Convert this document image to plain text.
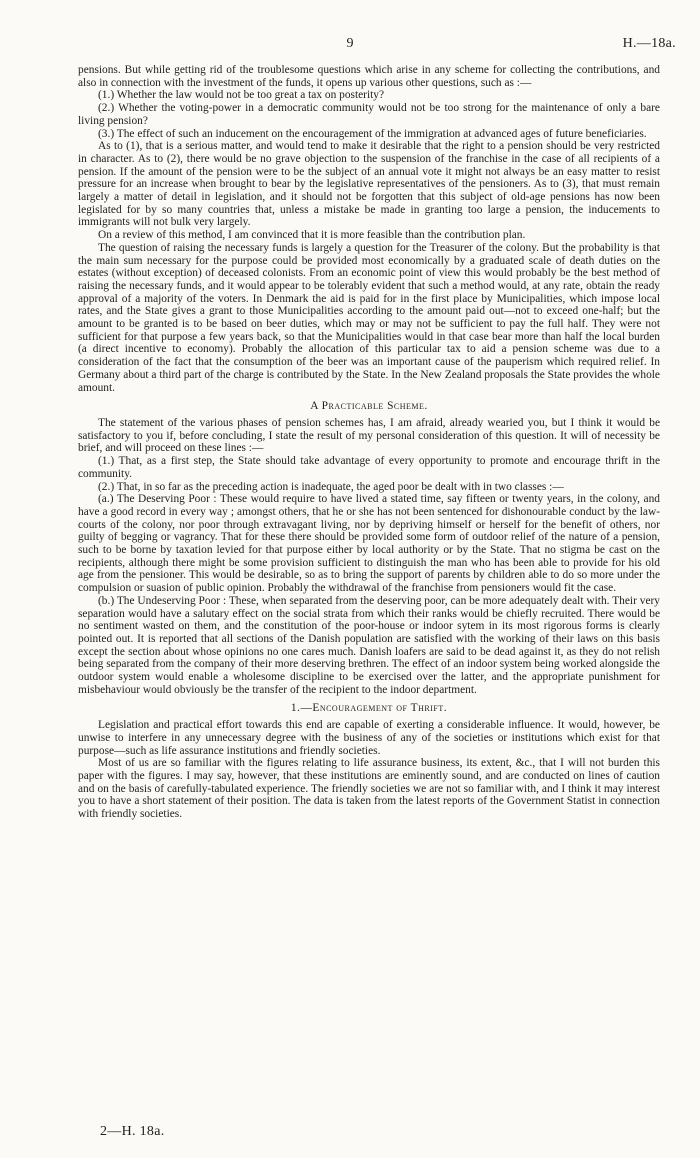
9	H.—18a.

pensions. But while getting rid of the troublesome questions which arise in any scheme for collecting the contributions, and also in connection with the investment of the funds, it opens up various other questions, such as :—

(1.) Whether the law would not be too great a tax on posterity?

(2.) Whether the voting-power in a democratic community would not be too strong for the maintenance of only a bare living pension?

(3.) The effect of such an inducement on the encouragement of the immigration at advanced ages of future beneficiaries.

As to (1), that is a serious matter, and would tend to make it desirable that the right to a pension should be very restricted in character. As to (2), there would be no grave objection to the suspension of the franchise in the case of all recipients of a pension. If the amount of the pension were to be the subject of an annual vote it might not always be an easy matter to resist pressure for an increase when brought to bear by the legislative representatives of the pensioners. As to (3), that must remain largely a matter of detail in legislation, and it should not be forgotten that this subject of old-age pensions has now been legislated for by so many countries that, unless a mistake be made in granting too large a pension, the inducements to immigrants will not bulk very largely.

On a review of this method, I am convinced that it is more feasible than the contribution plan.

The question of raising the necessary funds is largely a question for the Treasurer of the colony. But the probability is that the main sum necessary for the purpose could be provided most economically by a graduated scale of death duties on the estates (without exception) of deceased colonists. From an economic point of view this would probably be the best method of raising the necessary funds, and it would appear to be tolerably evident that such a method would, at any rate, obtain the ready approval of a majority of the voters. In Denmark the aid is paid for in the first place by Municipalities, which impose local rates, and the State gives a grant to those Municipalities according to the amount paid out—not to exceed one-half; but the amount to be granted is to be based on beer duties, which may or may not be sufficient to pay the full half. They were not sufficient for that purpose a few years back, so that the Municipalities would in that case bear more than half the local burden (a direct incentive to economy). Probably the allocation of this particular tax to aid a pension scheme was due to a consideration of the fact that the consumption of the beer was an important cause of the pauperism which required relief. In Germany about a third part of the charge is contributed by the State. In the New Zealand proposals the State provides the whole amount.

A Practicable Scheme.

The statement of the various phases of pension schemes has, I am afraid, already wearied you, but I think it would be satisfactory to you if, before concluding, I state the result of my personal consideration of this question. It will of necessity be brief, and will proceed on these lines :—

(1.) That, as a first step, the State should take advantage of every opportunity to promote and encourage thrift in the community.

(2.) That, in so far as the preceding action is inadequate, the aged poor be dealt with in two classes :—

(a.) The Deserving Poor : These would require to have lived a stated time, say fifteen or twenty years, in the colony, and have a good record in every way ; amongst others, that he or she has not been sentenced for dishonourable conduct by the law-courts of the colony, nor poor through extravagant living, nor by depriving himself or herself for the benefit of others, nor guilty of begging or vagrancy. That for these there should be provided some form of outdoor relief of the nature of a pension, such to be borne by taxation levied for that purpose either by local authority or by the State. That no stigma be cast on the recipients, although there might be some provision sufficient to distinguish the man who has been able to provide for his old age from the pensioner. This would be desirable, so as to bring the support of parents by children able to do so more under the compulsion or suasion of public opinion. Probably the withdrawal of the franchise from pensioners would fit the case.

(b.) The Undeserving Poor : These, when separated from the deserving poor, can be more adequately dealt with. Their very separation would have a salutary effect on the social strata from which their ranks would be chiefly recruited. There would be no sentiment wasted on them, and the constitution of the poor-house or indoor sytem in its most rigorous forms is clearly pointed out. It is reported that all sections of the Danish population are satisfied with the working of their laws on this basis except the section about whose opinions no one cares much. Danish loafers are said to be dead against it, as they do not relish being separated from the company of their more deserving brethren. The effect of an indoor system being worked alongside the outdoor system would enable a wholesome discipline to be exercised over the latter, and the appropriate punishment for misbehaviour would obviously be the transfer of the recipient to the indoor department.

1.—Encouragement of Thrift.

Legislation and practical effort towards this end are capable of exerting a considerable influence. It would, however, be unwise to interfere in any unnecessary degree with the business of any of the societies or institutions which exist for that purpose—such as life assurance institutions and friendly societies.

Most of us are so familiar with the figures relating to life assurance business, its extent, &c., that I will not burden this paper with the figures. I may say, however, that these institutions are eminently sound, and are conducted on lines of caution and on the basis of carefully-tabulated experience. The friendly societies we are not so familiar with, and I think it may interest you to have a short statement of their position. The data is taken from the latest reports of the Government Statist in connection with friendly societies.

2—H. 18a.
